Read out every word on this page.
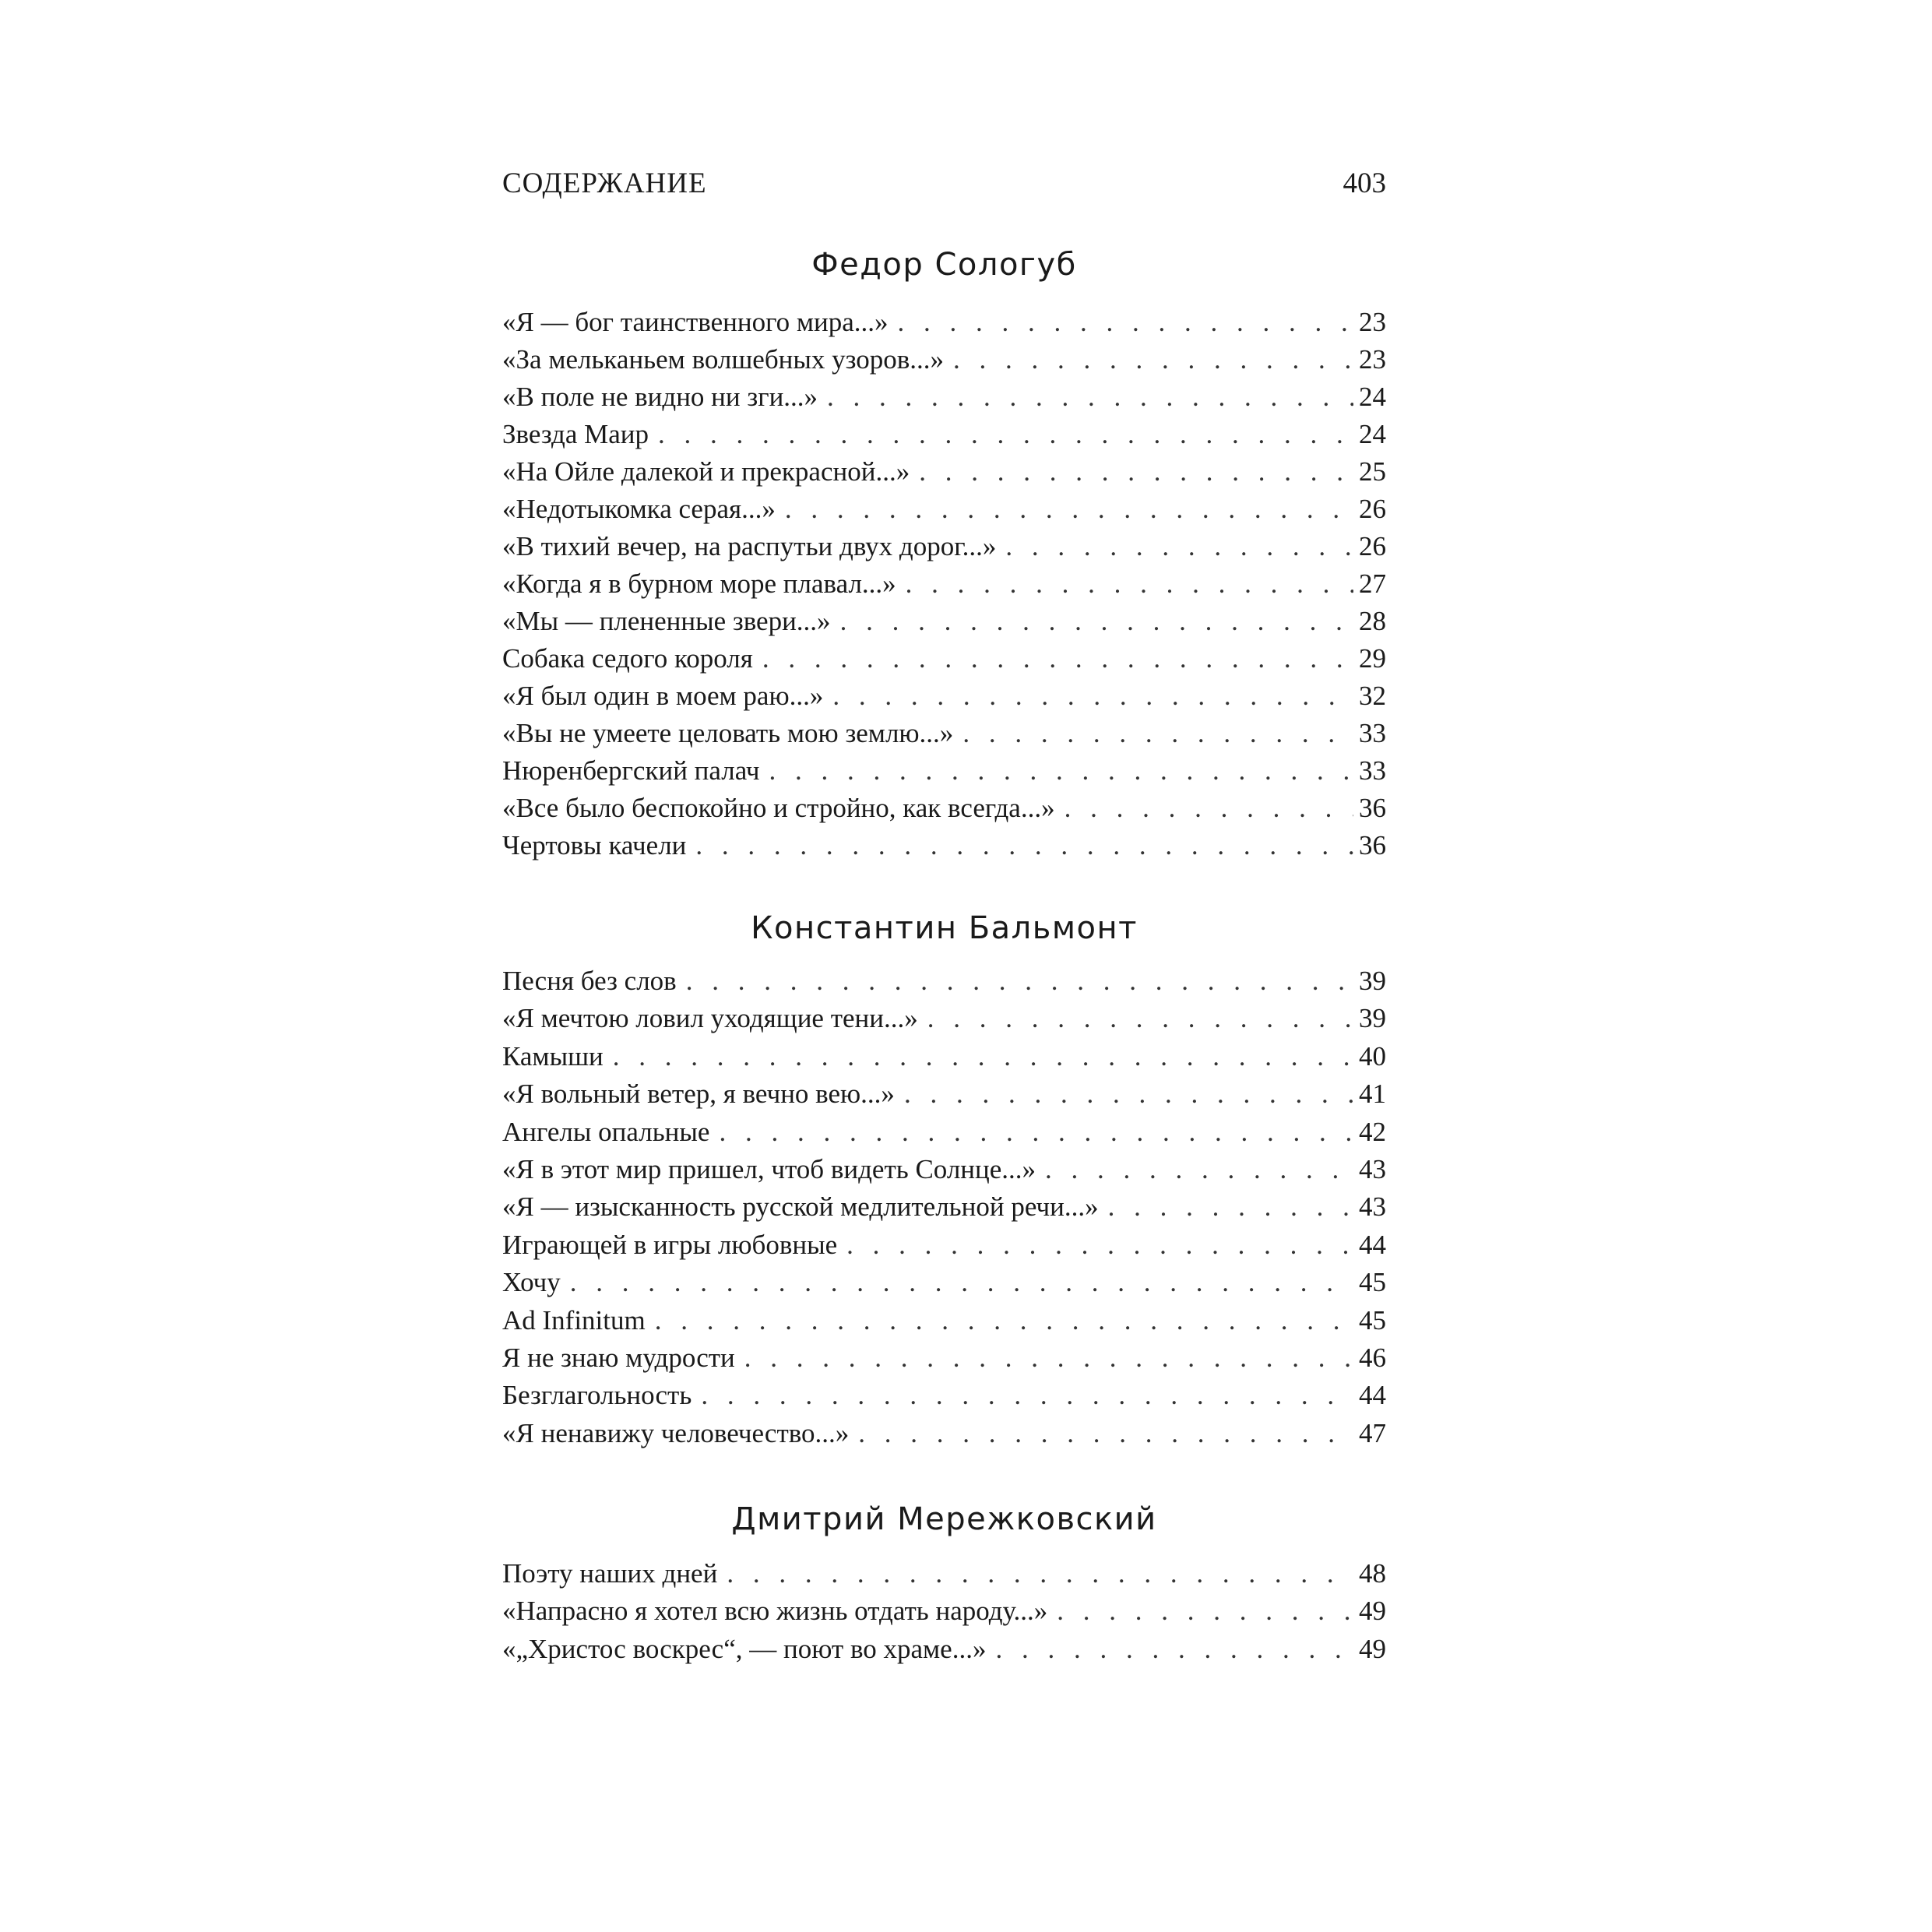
СОДЕРЖАНИЕ	403
Федор Сологуб
«Я — бог таинственного мира...» . . .	23
«За мельканьем волшебных узоров...» . . .	23
«В поле не видно ни зги...» . . .	24
Звезда Маир . . .	24
«На Ойле далекой и прекрасной...» . . .	25
«Недотыкомка серая...» . . .	26
«В тихий вечер, на распутьи двух дорог...» . . .	26
«Когда я в бурном море плавал...» . . .	27
«Мы — плененные звери...» . . .	28
Собака седого короля . . .	29
«Я был один в моем раю...» . . .	32
«Вы не умеете целовать мою землю...» . . .	33
Нюренбергский палач . . .	33
«Все было беспокойно и стройно, как всегда...» . . .	36
Чертовы качели . . .	36
Константин Бальмонт
Песня без слов . . .	39
«Я мечтою ловил уходящие тени...» . . .	39
Камыши . . .	40
«Я вольный ветер, я вечно вею...» . . .	41
Ангелы опальные . . .	42
«Я в этот мир пришел, чтоб видеть Солнце...» . . .	43
«Я — изысканность русской медлительной речи...» . . .	43
Играющей в игры любовные . . .	44
Хочу . . .	45
Ad Infinitum . . .	45
Я не знаю мудрости . . .	46
Безглагольность . . .	44
«Я ненавижу человечество...» . . .	47
Дмитрий Мережковский
Поэту наших дней . . .	48
«Напрасно я хотел всю жизнь отдать народу...» . . .	49
«„Христос воскрес“, — поют во храме...» . . .	49
